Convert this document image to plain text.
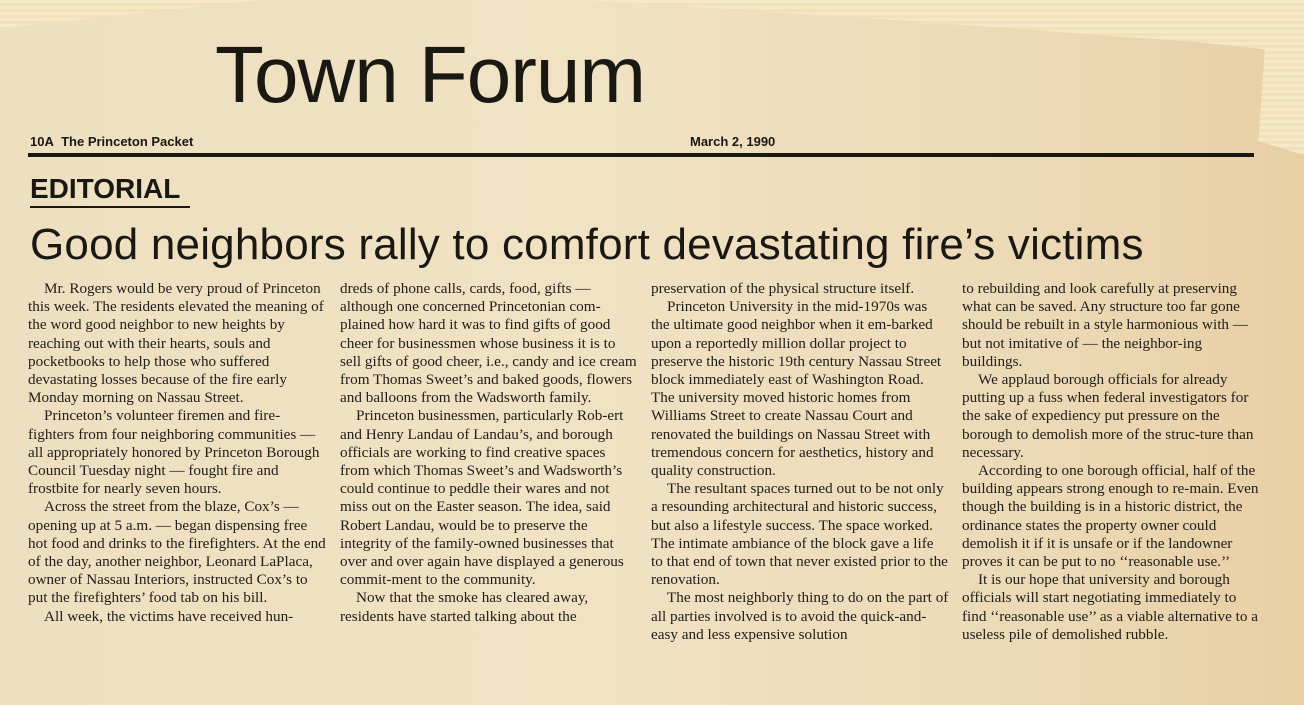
Town Forum
10A The Princeton Packet	March 2, 1990
EDITORIAL
Good neighbors rally to comfort devastating fire’s victims

Mr. Rogers would be very proud of Princeton this week. The residents elevated the meaning of the word good neighbor to new heights by reaching out with their hearts, souls and pocketbooks to help those who suffered devastating losses because of the fire early Monday morning on Nassau Street.

Princeton’s volunteer firemen and fire-fighters from four neighboring communities — all appropriately honored by Princeton Borough Council Tuesday night — fought fire and frostbite for nearly seven hours.

Across the street from the blaze, Cox’s — opening up at 5 a.m. — began dispensing free hot food and drinks to the firefighters. At the end of the day, another neighbor, Leonard LaPlaca, owner of Nassau Interiors, instructed Cox’s to put the firefighters’ food tab on his bill.

All week, the victims have received hun-

dreds of phone calls, cards, food, gifts — although one concerned Princetonian com-plained how hard it was to find gifts of good cheer for businessmen whose business it is to sell gifts of good cheer, i.e., candy and ice cream from Thomas Sweet’s and baked goods, flowers and balloons from the Wadsworth family.

Princeton businessmen, particularly Rob-ert and Henry Landau of Landau’s, and borough officials are working to find creative spaces from which Thomas Sweet’s and Wadsworth’s could continue to peddle their wares and not miss out on the Easter season. The idea, said Robert Landau, would be to preserve the integrity of the family-owned businesses that over and over again have displayed a generous commit-ment to the community.

Now that the smoke has cleared away, residents have started talking about the

preservation of the physical structure itself.

Princeton University in the mid-1970s was the ultimate good neighbor when it em-barked upon a reportedly million dollar project to preserve the historic 19th century Nassau Street block immediately east of Washington Road. The university moved historic homes from Williams Street to create Nassau Court and renovated the buildings on Nassau Street with tremendous concern for aesthetics, history and quality construction.

The resultant spaces turned out to be not only a resounding architectural and historic success, but also a lifestyle success. The space worked. The intimate ambiance of the block gave a life to that end of town that never existed prior to the renovation.

The most neighborly thing to do on the part of all parties involved is to avoid the quick-and-easy and less expensive solution

to rebuilding and look carefully at preserving what can be saved. Any structure too far gone should be rebuilt in a style harmonious with — but not imitative of — the neighbor-ing buildings.

We applaud borough officials for already putting up a fuss when federal investigators for the sake of expediency put pressure on the borough to demolish more of the struc-ture than necessary.

According to one borough official, half of the building appears strong enough to re-main. Even though the building is in a historic district, the ordinance states the property owner could demolish it if it is unsafe or if the landowner proves it can be put to no ‘‘reasonable use.’’

It is our hope that university and borough officials will start negotiating immediately to find ‘‘reasonable use’’ as a viable alternative to a useless pile of demolished rubble.
